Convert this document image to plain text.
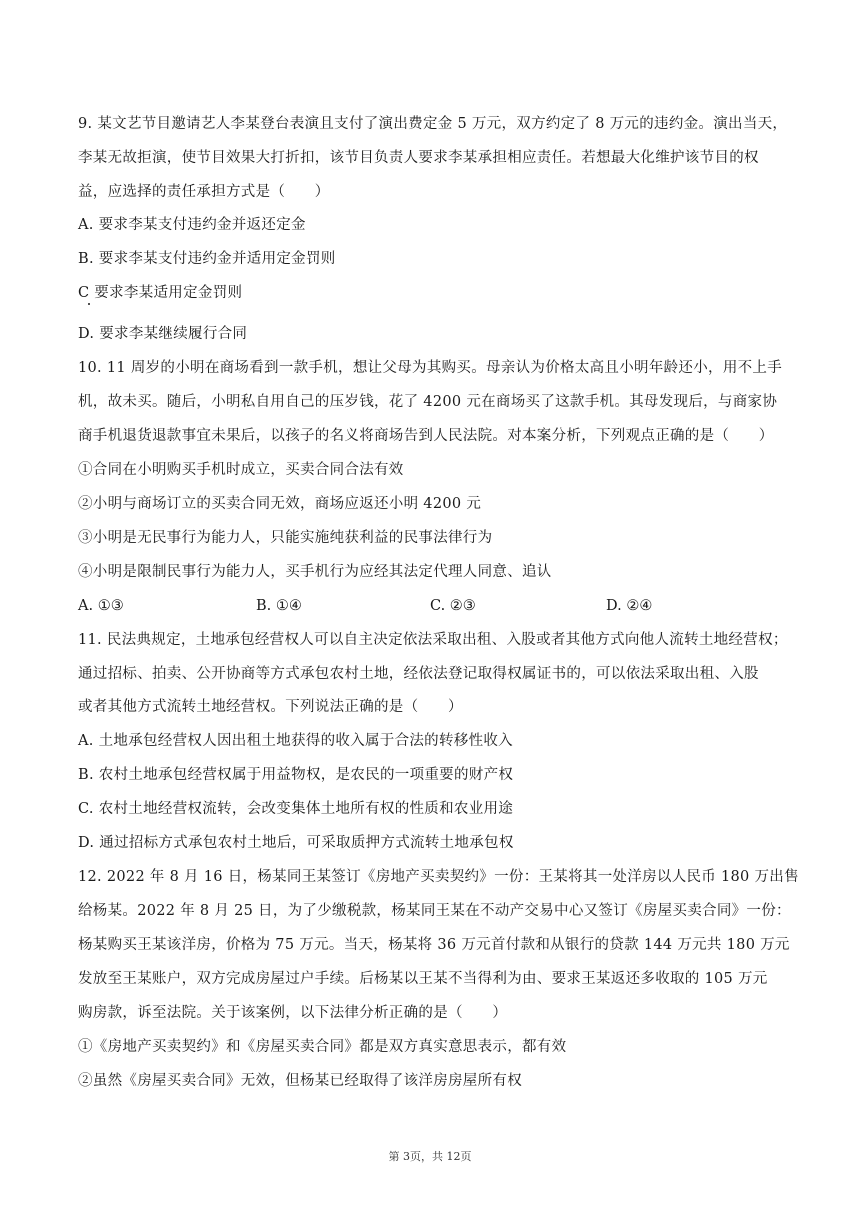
9. 某文艺节目邀请艺人李某登台表演且支付了演出费定金 5 万元，双方约定了 8 万元的违约金。演出当天，
李某无故拒演，使节目效果大打折扣，该节目负责人要求李某承担相应责任。若想最大化维护该节目的权
益，应选择的责任承担方式是（　　）
A. 要求李某支付违约金并返还定金
B. 要求李某支付违约金并适用定金罚则
C 要求李某适用定金罚则
D. 要求李某继续履行合同
10. 11 周岁的小明在商场看到一款手机，想让父母为其购买。母亲认为价格太高且小明年龄还小，用不上手
机，故未买。随后，小明私自用自己的压岁钱，花了 4200 元在商场买了这款手机。其母发现后，与商家协
商手机退货退款事宜未果后，以孩子的名义将商场告到人民法院。对本案分析，下列观点正确的是（　　）
①合同在小明购买手机时成立，买卖合同合法有效
②小明与商场订立的买卖合同无效，商场应返还小明 4200 元
③小明是无民事行为能力人，只能实施纯获利益的民事法律行为
④小明是限制民事行为能力人，买手机行为应经其法定代理人同意、追认
A. ①③	B. ①④	C. ②③	D. ②④
11. 民法典规定，土地承包经营权人可以自主决定依法采取出租、入股或者其他方式向他人流转土地经营权；
通过招标、拍卖、公开协商等方式承包农村土地，经依法登记取得权属证书的，可以依法采取出租、入股
或者其他方式流转土地经营权。下列说法正确的是（　　）
A. 土地承包经营权人因出租土地获得的收入属于合法的转移性收入
B. 农村土地承包经营权属于用益物权，是农民的一项重要的财产权
C. 农村土地经营权流转，会改变集体土地所有权的性质和农业用途
D. 通过招标方式承包农村土地后，可采取质押方式流转土地承包权
12. 2022 年 8 月 16 日，杨某同王某签订《房地产买卖契约》一份：王某将其一处洋房以人民币 180 万出售
给杨某。2022 年 8 月 25 日，为了少缴税款，杨某同王某在不动产交易中心又签订《房屋买卖合同》一份：
杨某购买王某该洋房，价格为 75 万元。当天，杨某将 36 万元首付款和从银行的贷款 144 万元共 180 万元
发放至王某账户，双方完成房屋过户手续。后杨某以王某不当得利为由、要求王某返还多收取的 105 万元
购房款，诉至法院。关于该案例，以下法律分析正确的是（　　）
①《房地产买卖契约》和《房屋买卖合同》都是双方真实意思表示，都有效
②虽然《房屋买卖合同》无效，但杨某已经取得了该洋房房屋所有权
第 3页，共 12页
